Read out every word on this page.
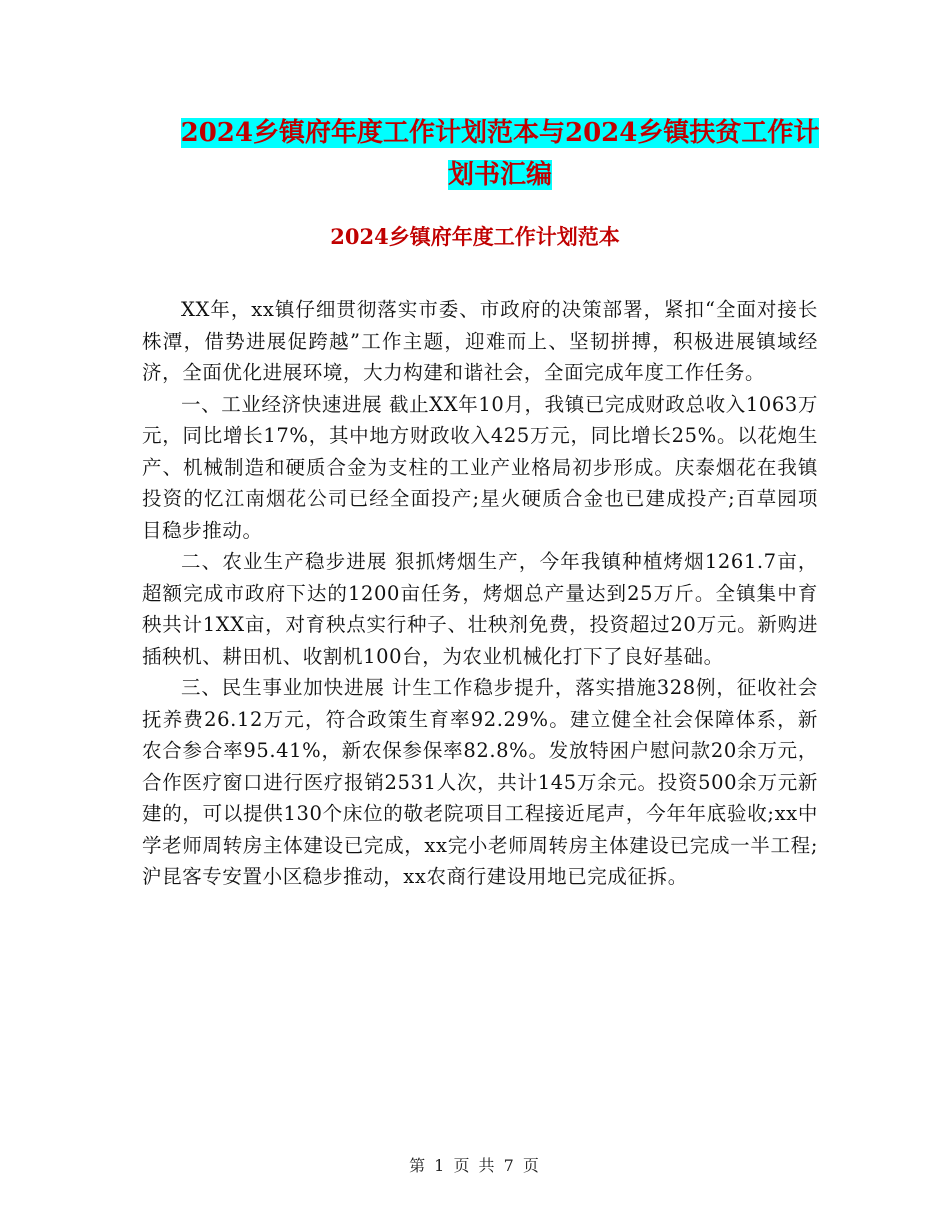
2024乡镇府年度工作计划范本与2024乡镇扶贫工作计
划书汇编
2024乡镇府年度工作计划范本

XX年，xx镇仔细贯彻落实市委、市政府的决策部署，紧扣“全面对接长株潭，借势进展促跨越”工作主题，迎难而上、坚韧拼搏，积极进展镇域经济，全面优化进展环境，大力构建和谐社会，全面完成年度工作任务。

一、工业经济快速进展 截止XX年10月，我镇已完成财政总收入1063万元，同比增长17%，其中地方财政收入425万元，同比增长25%。以花炮生产、机械制造和硬质合金为支柱的工业产业格局初步形成。庆泰烟花在我镇投资的忆江南烟花公司已经全面投产;星火硬质合金也已建成投产;百草园项目稳步推动。

二、农业生产稳步进展 狠抓烤烟生产，今年我镇种植烤烟1261.7亩，超额完成市政府下达的1200亩任务，烤烟总产量达到25万斤。全镇集中育秧共计1XX亩，对育秧点实行种子、壮秧剂免费，投资超过20万元。新购进插秧机、耕田机、收割机100台，为农业机械化打下了良好基础。

三、民生事业加快进展 计生工作稳步提升，落实措施328例，征收社会抚养费26.12万元，符合政策生育率92.29%。建立健全社会保障体系，新农合参合率95.41%，新农保参保率82.8%。发放特困户慰问款20余万元，合作医疗窗口进行医疗报销2531人次，共计145万余元。投资500余万元新建的，可以提供130个床位的敬老院项目工程接近尾声，今年年底验收;xx中学老师周转房主体建设已完成，xx完小老师周转房主体建设已完成一半工程;沪昆客专安置小区稳步推动，xx农商行建设用地已完成征拆。

第 1 页 共 7 页
